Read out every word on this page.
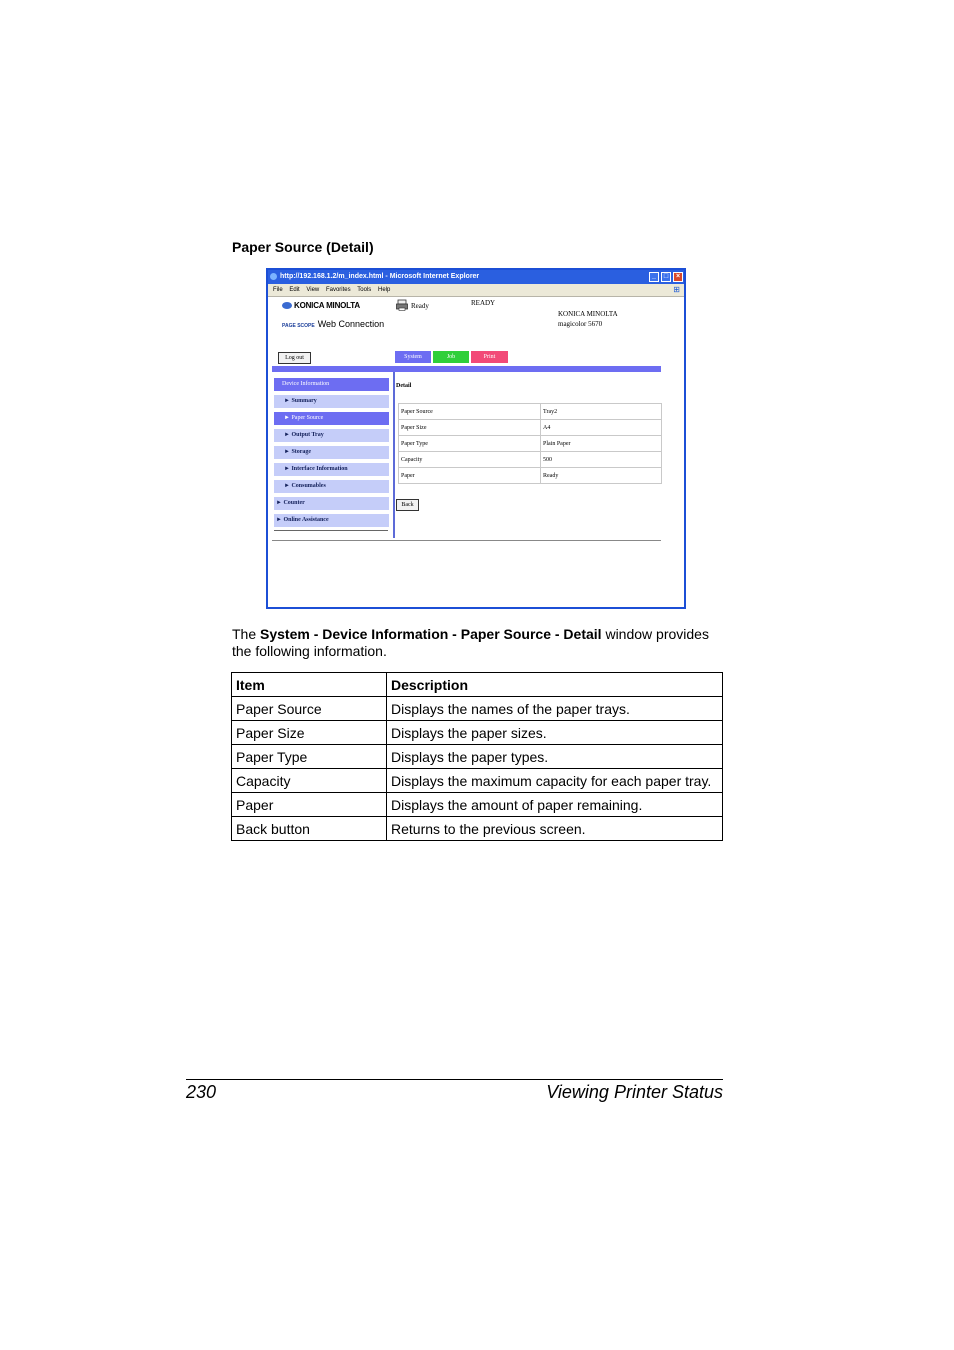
Paper Source (Detail)
http://192.168.1.2/m_index.html - Microsoft Internet Explorer	_	□	×
File Edit View Favorites Tools Help	⊞
KONICA MINOLTA
PAGE SCOPE Web Connection
Ready	READY
KONICA MINOLTA
magicolor 5670
Log out	System	Job	Print
Device Information
► Summary
► Paper Source
► Output Tray
► Storage
► Interface Information
► Consumables
► Counter
► Online Assistance
Detail
Paper Source	Tray2
Paper Size	A4
Paper Type	Plain Paper
Capacity	500
Paper	Ready
Back
The System - Device Information - Paper Source - Detail window provides the following information.
Item	Description
Paper Source	Displays the names of the paper trays.
Paper Size	Displays the paper sizes.
Paper Type	Displays the paper types.
Capacity	Displays the maximum capacity for each paper tray.
Paper	Displays the amount of paper remaining.
Back button	Returns to the previous screen.
230	Viewing Printer Status
